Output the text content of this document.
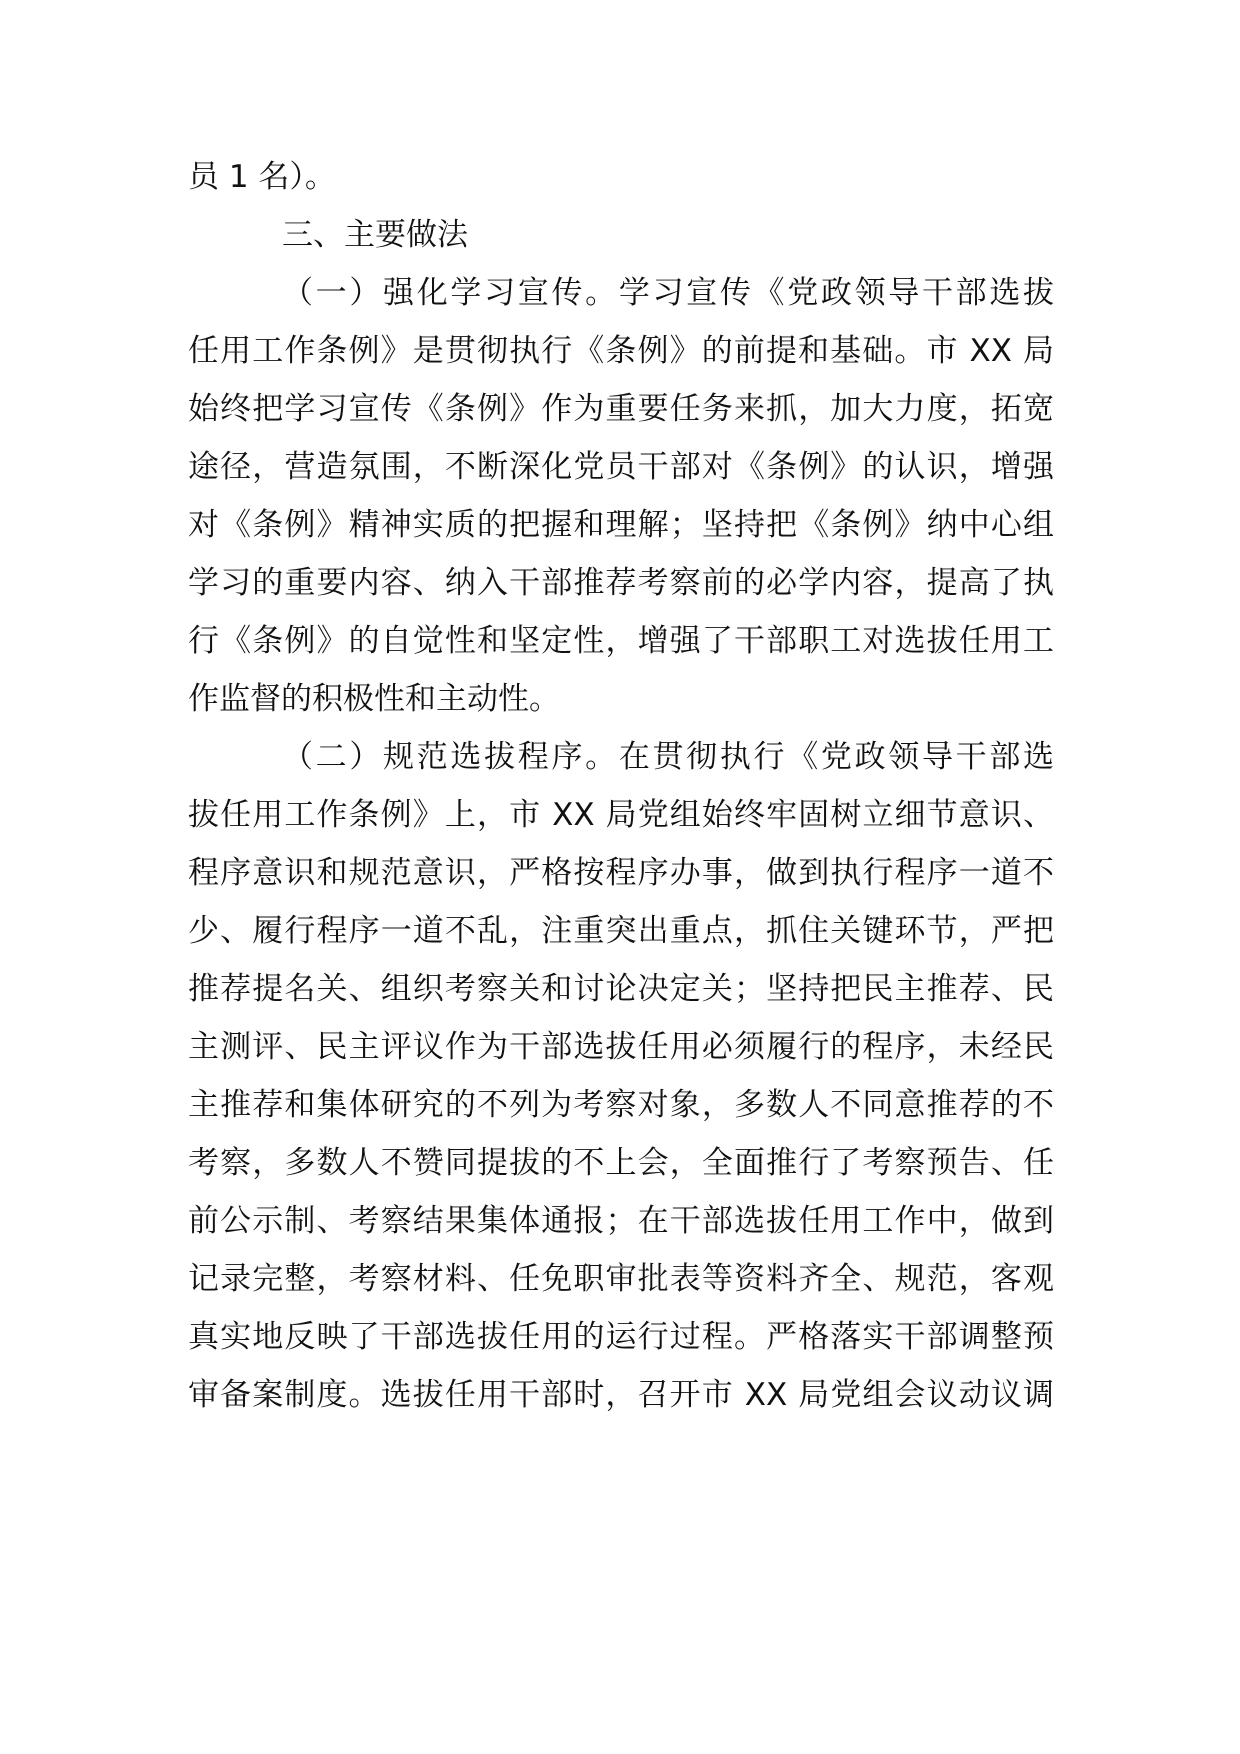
员 1 名）。
三、主要做法
（一）强化学习宣传。学习宣传《党政领导干部选拔
任用工作条例》是贯彻执行《条例》的前提和基础。市 XX 局
始终把学习宣传《条例》作为重要任务来抓，加大力度，拓宽
途径，营造氛围，不断深化党员干部对《条例》的认识，增强
对《条例》精神实质的把握和理解；坚持把《条例》纳中心组
学习的重要内容、纳入干部推荐考察前的必学内容，提高了执
行《条例》的自觉性和坚定性，增强了干部职工对选拔任用工
作监督的积极性和主动性。
（二）规范选拔程序。在贯彻执行《党政领导干部选
拔任用工作条例》上，市 XX 局党组始终牢固树立细节意识、
程序意识和规范意识，严格按程序办事，做到执行程序一道不
少、履行程序一道不乱，注重突出重点，抓住关键环节，严把
推荐提名关、组织考察关和讨论决定关；坚持把民主推荐、民
主测评、民主评议作为干部选拔任用必须履行的程序，未经民
主推荐和集体研究的不列为考察对象，多数人不同意推荐的不
考察，多数人不赞同提拔的不上会，全面推行了考察预告、任
前公示制、考察结果集体通报；在干部选拔任用工作中，做到
记录完整，考察材料、任免职审批表等资料齐全、规范，客观
真实地反映了干部选拔任用的运行过程。严格落实干部调整预
审备案制度。选拔任用干部时，召开市 XX 局党组会议动议调
